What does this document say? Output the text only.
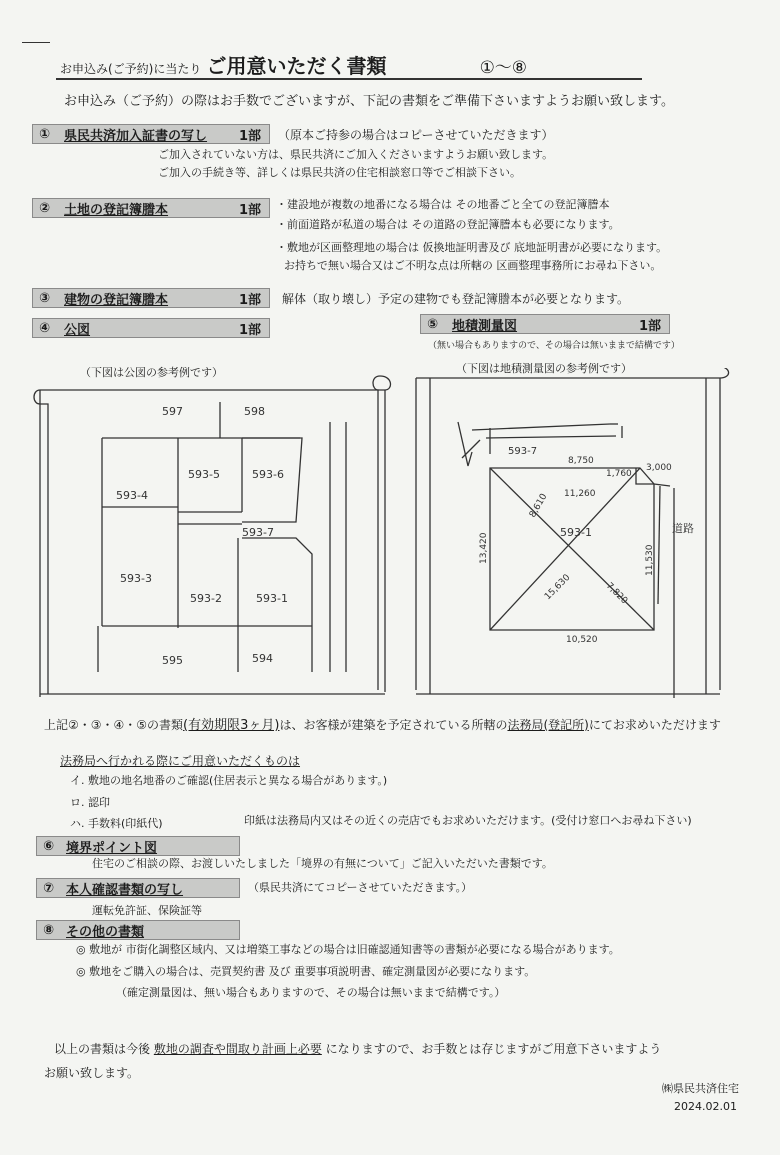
お申込み(ご予約)に当たり ご用意いただく書類	①～⑧
お申込み（ご予約）の際はお手数でございますが、下記の書類をご準備下さいますようお願い致します。
① 県民共済加入証書の写し 1部 （原本ご持参の場合はコピーさせていただきます）
ご加入されていない方は、県民共済にご加入くださいますようお願い致します。
ご加入の手続き等、詳しくは県民共済の住宅相談窓口等でご相談下さい。
② 土地の登記簿謄本	1部 ・建設地が複数の地番になる場合は その地番ごと全ての登記簿謄本
・前面道路が私道の場合は その道路の登記簿謄本も必要になります。
・敷地が区画整理地の場合は 仮換地証明書及び 底地証明書が必要になります。
お持ちで無い場合又はご不明な点は所轄の 区画整理事務所にお尋ね下さい。
③ 建物の登記簿謄本	1部 解体（取り壊し）予定の建物でも登記簿謄本が必要となります。
④ 公図	1部
（下図は公図の参考例です）
⑤ 地積測量図	1部
（無い場合もありますので、その場合は無いままで結構です）
（下図は地積測量図の参考例です）
597	598
593-5	593-6
593-4
593-7
593-3
593-2	593-1
595	594
593-7
593-1
8,750
1,760
3,000
11,260
8,610
13,420	11,530
15,630	7,820
10,520
道路
上記②・③・④・⑤の書類(有効期限3ヶ月)は、お客様が建築を予定されている所轄の法務局(登記所)にてお求めいただけます
法務局へ行かれる際にご用意いただくものは
イ. 敷地の地名地番のご確認(住居表示と異なる場合があります。)
ロ. 認印
ハ. 手数料(印紙代)	印紙は法務局内又はその近くの売店でもお求めいただけます。(受付け窓口へお尋ね下さい)
⑥ 境界ポイント図
住宅のご相談の際、お渡しいたしました「境界の有無について」ご記入いただいた書類です。
⑦ 本人確認書類の写し	（県民共済にてコピーさせていただきます。）
運転免許証、保険証等
⑧ その他の書類
◎ 敷地が 市街化調整区域内、又は増築工事などの場合は旧確認通知書等の書類が必要になる場合があります。
◎ 敷地をご購入の場合は、売買契約書 及び 重要事項説明書、確定測量図が必要になります。
（確定測量図は、無い場合もありますので、その場合は無いままで結構です。）
以上の書類は今後 敷地の調査や間取り計画上必要 になりますので、お手数とは存じますがご用意下さいますよう
お願い致します。
㈱県民共済住宅
2024.02.01
